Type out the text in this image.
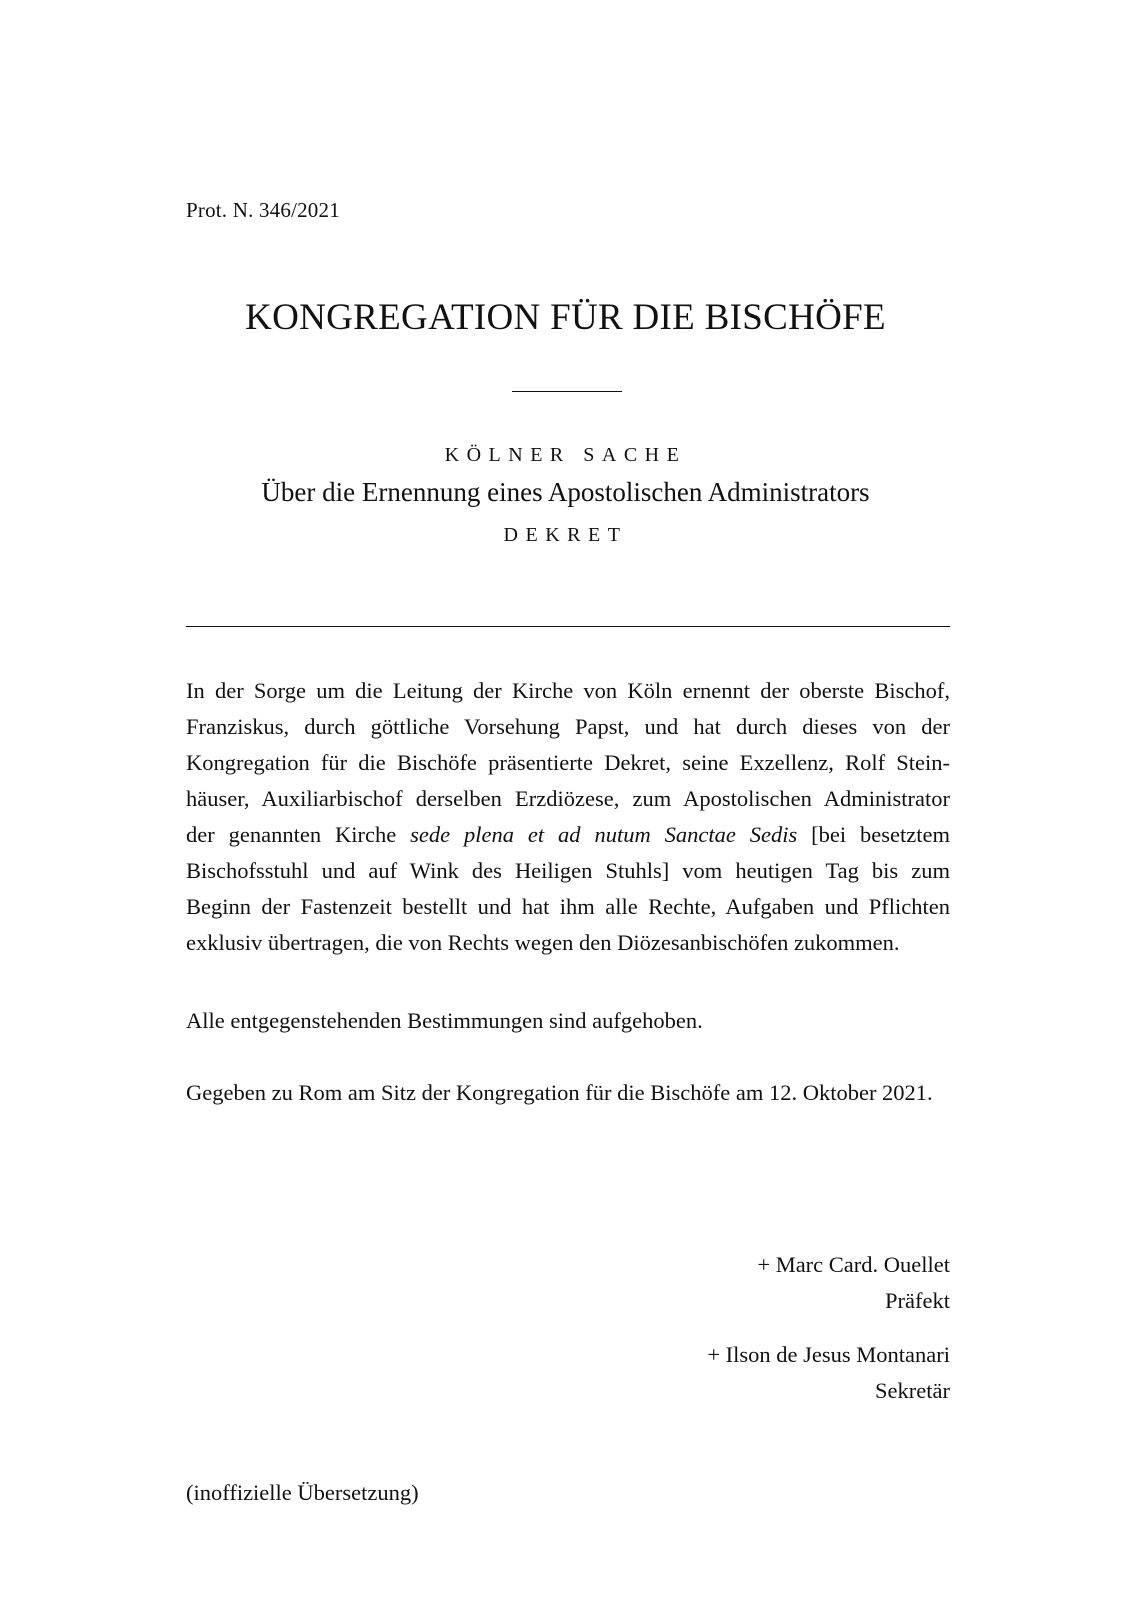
Prot. N. 346/2021

KONGREGATION FÜR DIE BISCHÖFE

KÖLNER SACHE

Über die Ernennung eines Apostolischen Administrators

DEKRET

In der Sorge um die Leitung der Kirche von Köln ernennt der oberste Bischof,
Franziskus, durch göttliche Vorsehung Papst, und hat durch dieses von der
Kongregation für die Bischöfe präsentierte Dekret, seine Exzellenz, Rolf Stein-
häuser, Auxiliarbischof derselben Erzdiözese, zum Apostolischen Administrator
der genannten Kirche sede plena et ad nutum Sanctae Sedis [bei besetztem
Bischofsstuhl und auf Wink des Heiligen Stuhls] vom heutigen Tag bis zum
Beginn der Fastenzeit bestellt und hat ihm alle Rechte, Aufgaben und Pflichten
exklusiv übertragen, die von Rechts wegen den Diözesanbischöfen zukommen.

Alle entgegenstehenden Bestimmungen sind aufgehoben.

Gegeben zu Rom am Sitz der Kongregation für die Bischöfe am 12. Oktober 2021.

+ Marc Card. Ouellet
Präfekt
+ Ilson de Jesus Montanari
Sekretär

(inoffizielle Übersetzung)
